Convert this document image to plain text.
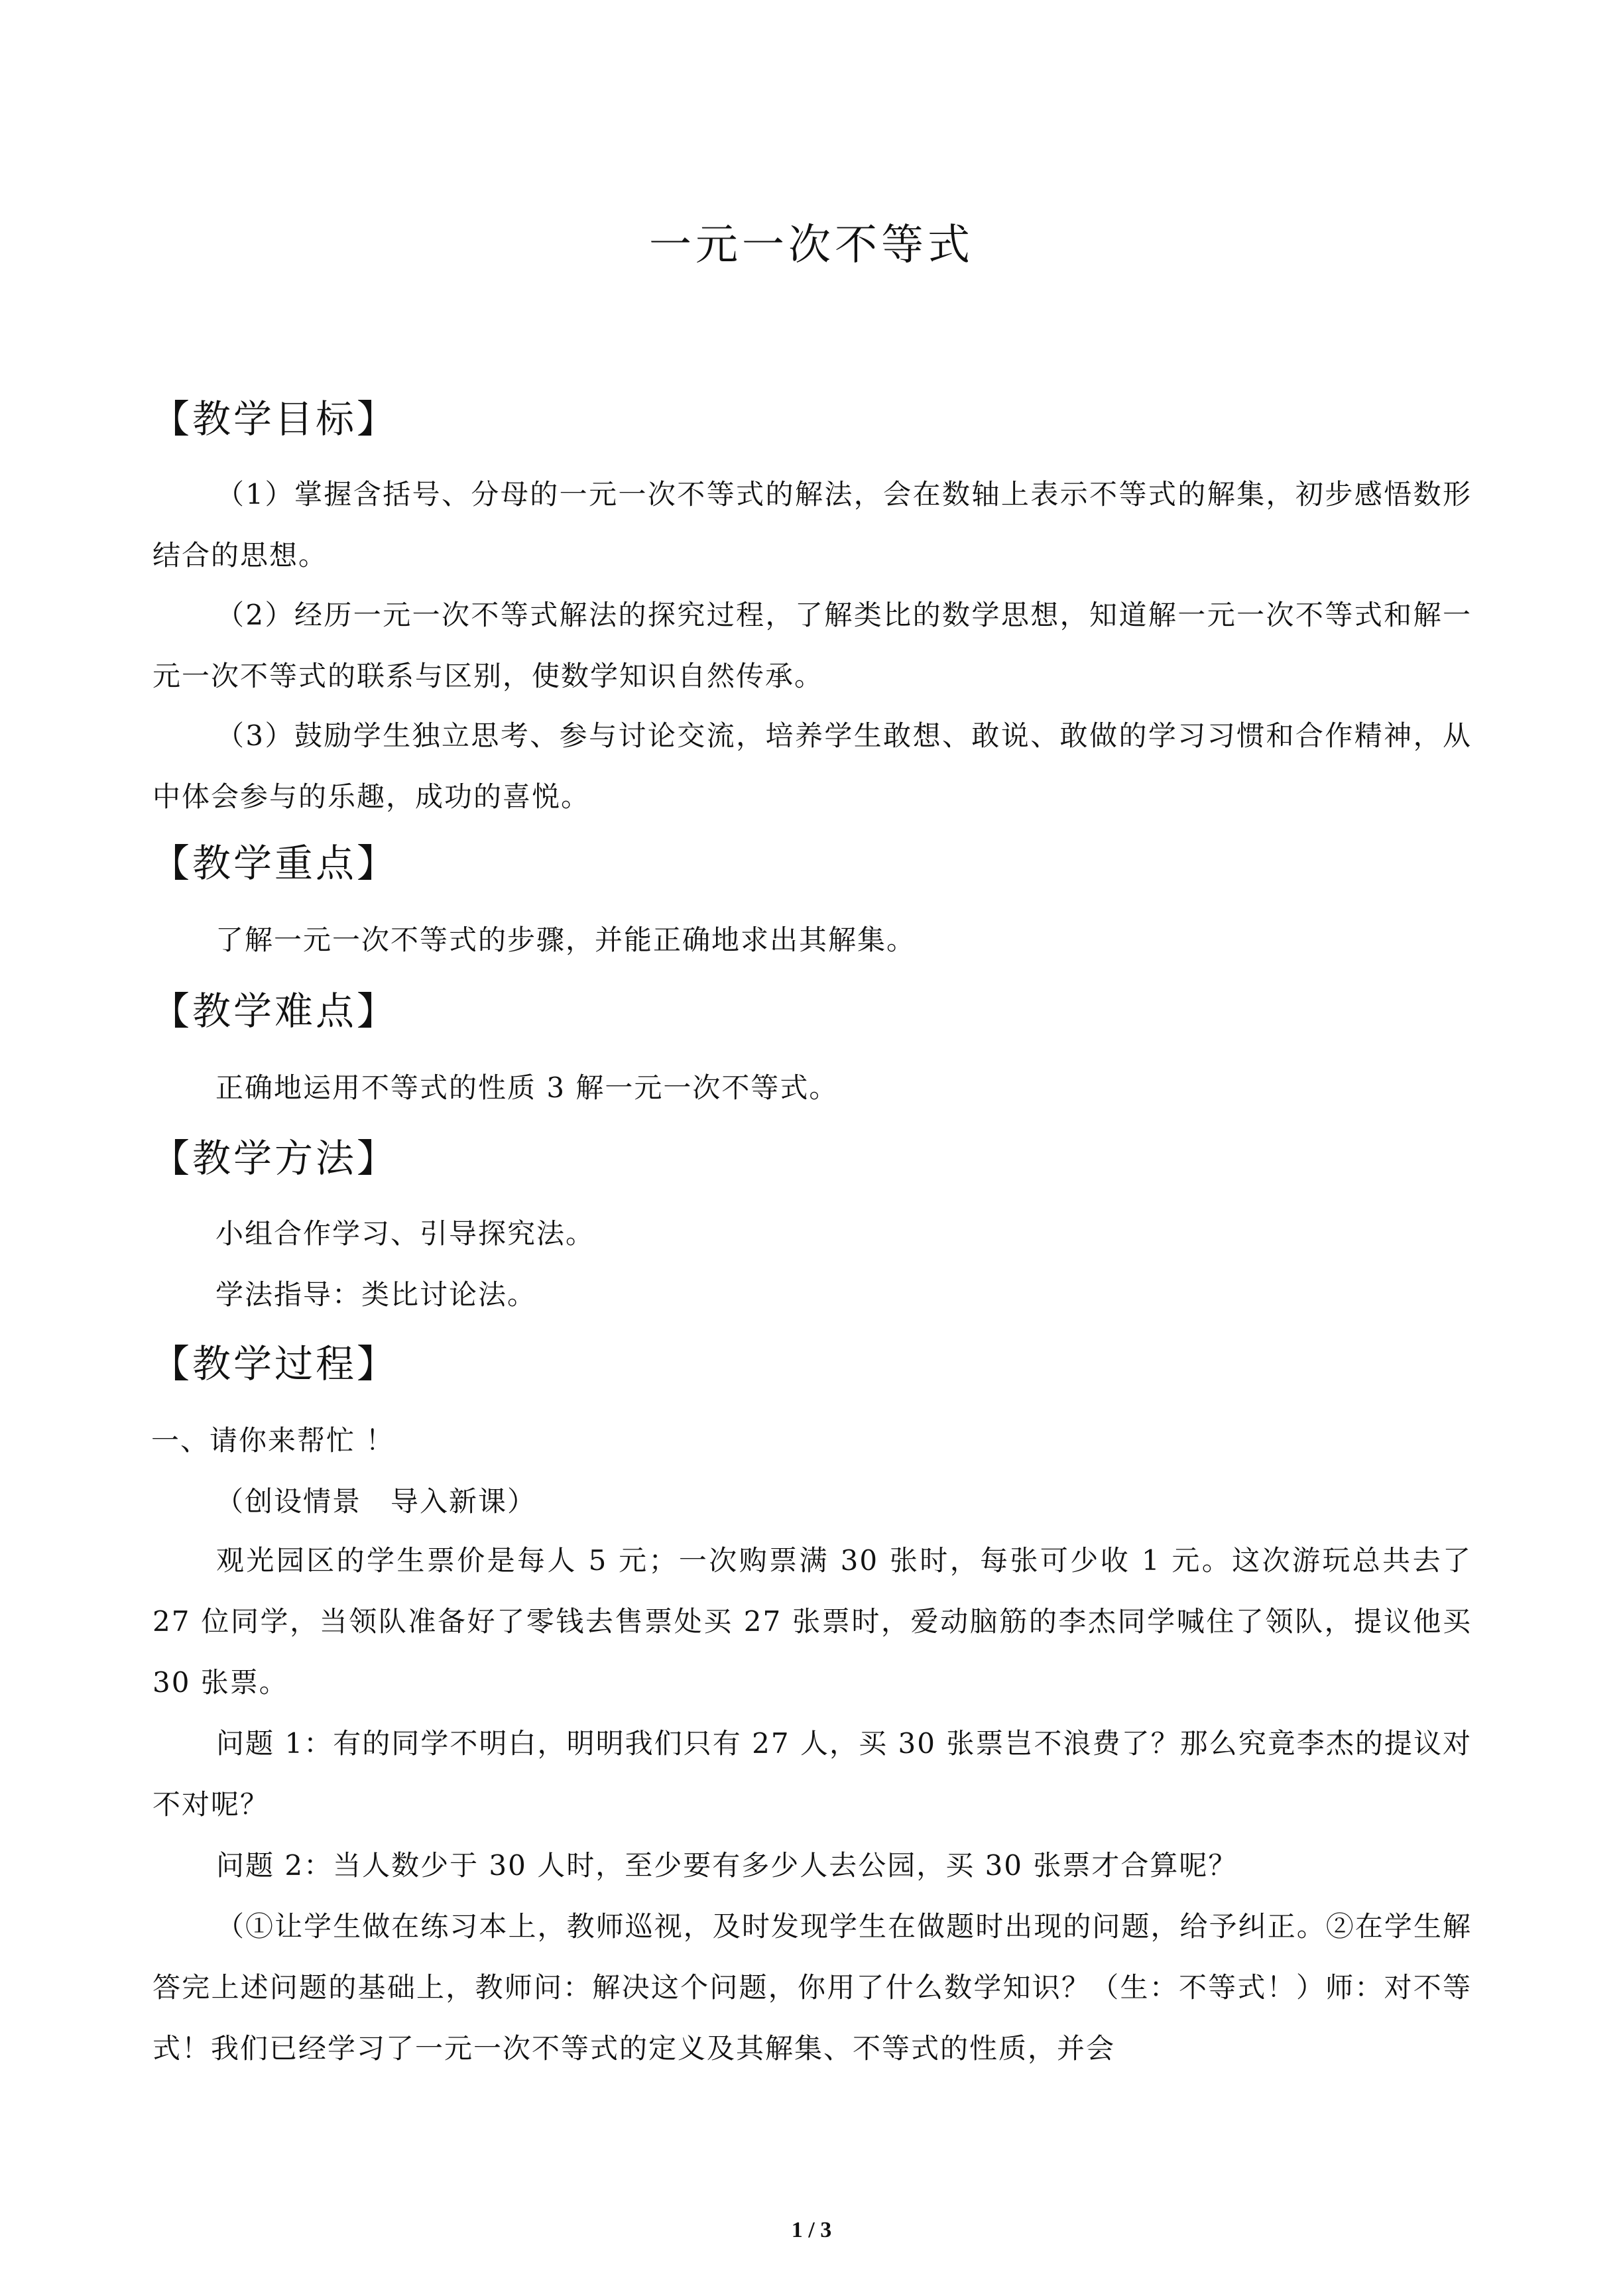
一元一次不等式
【教学目标】
（1）掌握含括号、分母的一元一次不等式的解法，会在数轴上表示不等式的解集，初步感悟数形结合的思想。
（2）经历一元一次不等式解法的探究过程，了解类比的数学思想，知道解一元一次不等式和解一元一次不等式的联系与区别，使数学知识自然传承。
（3）鼓励学生独立思考、参与讨论交流，培养学生敢想、敢说、敢做的学习习惯和合作精神，从中体会参与的乐趣，成功的喜悦。
【教学重点】
了解一元一次不等式的步骤，并能正确地求出其解集。
【教学难点】
正确地运用不等式的性质 3 解一元一次不等式。
【教学方法】
小组合作学习、引导探究法。
学法指导：类比讨论法。
【教学过程】
一、请你来帮忙 ！
（创设情景　导入新课）
观光园区的学生票价是每人 5 元；一次购票满 30 张时，每张可少收 1 元。这次游玩总共去了 27 位同学，当领队准备好了零钱去售票处买 27 张票时，爱动脑筋的李杰同学喊住了领队，提议他买 30 张票。
问题 1：有的同学不明白，明明我们只有 27 人，买 30 张票岂不浪费了？那么究竟李杰的提议对不对呢？
问题 2：当人数少于 30 人时，至少要有多少人去公园，买 30 张票才合算呢？
（①让学生做在练习本上，教师巡视，及时发现学生在做题时出现的问题，给予纠正。②在学生解答完上述问题的基础上，教师问：解决这个问题，你用了什么数学知识？（生：不等式！）师：对不等式！我们已经学习了一元一次不等式的定义及其解集、不等式的性质，并会
1 / 3
